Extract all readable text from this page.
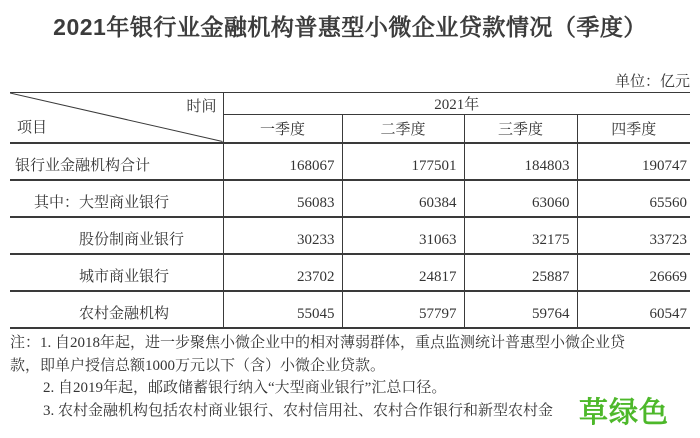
2021年银行业金融机构普惠型小微企业贷款情况（季度）
单位：亿元
时间
项目	2021年			
	一季度	二季度	三季度	四季度
银行业金融机构合计	168067	177501	184803	190747
其中：大型商业银行	56083	60384	63060	65560
股份制商业银行	30233	31063	32175	33723
城市商业银行	23702	24817	25887	26669
农村金融机构	55045	57797	59764	60547
注：1. 自2018年起，进一步聚焦小微企业中的相对薄弱群体，重点监测统计普惠型小微企业贷
款，即单户授信总额1000万元以下（含）小微企业贷款。
2. 自2019年起，邮政储蓄银行纳入“大型商业银行”汇总口径。
3. 农村金融机构包括农村商业银行、农村信用社、农村合作银行和新型农村金 草绿色
